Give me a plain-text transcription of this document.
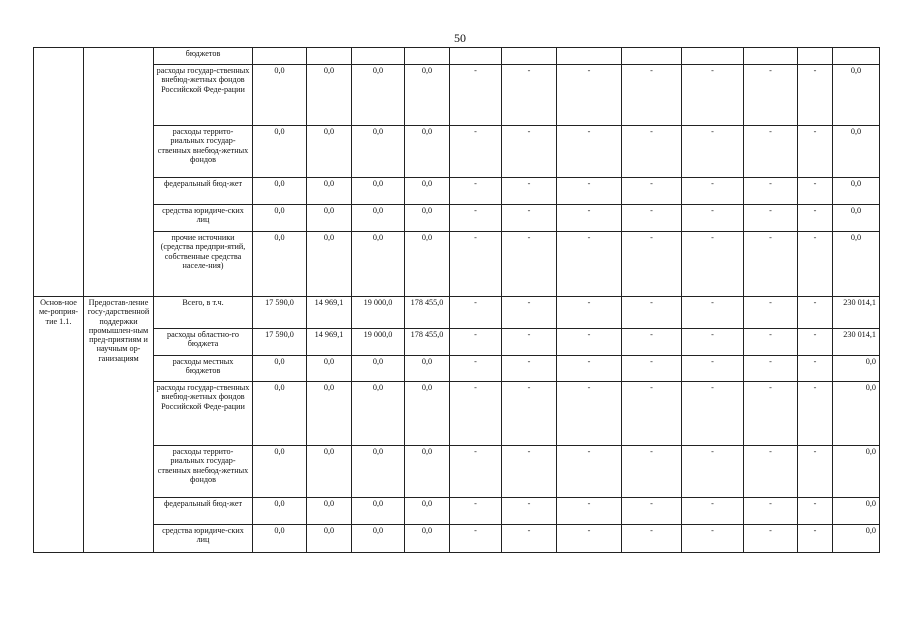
50
		бюджетов												
		расходы государ-ственных внебюд-жетных фондов Российской Феде-рации	0,0	0,0	0,0	0,0	-	-	-	-	-	-	-	0,0
		расходы террито-риальных государ-ственных внебюд-жетных фондов	0,0	0,0	0,0	0,0	-	-	-	-	-	-	-	0,0
		федеральный бюд-жет	0,0	0,0	0,0	0,0	-	-	-	-	-	-	-	0,0
		средства юридиче-ских лиц	0,0	0,0	0,0	0,0	-	-	-	-	-	-	-	0,0
		прочие источники (средства предпри-ятий, собственные средства населе-ния)	0,0	0,0	0,0	0,0	-	-	-	-	-	-	-	0,0
Основ-ное ме-роприя-тие 1.1.	Предостав-ление госу-дарственной поддержки промышлен-ным пред-приятиям и научным ор-ганизациям	Всего, в т.ч.	17 590,0	14 969,1	19 000,0	178 455,0	-	-	-	-	-	-	-	230 014,1
		расходы областно-го бюджета	17 590,0	14 969,1	19 000,0	178 455,0	-	-	-	-	-	-	-	230 014,1
		расходы местных бюджетов	0,0	0,0	0,0	0,0	-	-	-	-	-	-	-	0,0
		расходы государ-ственных внебюд-жетных фондов Российской Феде-рации	0,0	0,0	0,0	0,0	-	-	-	-	-	-	-	0,0
		расходы террито-риальных государ-ственных внебюд-жетных фондов	0,0	0,0	0,0	0,0	-	-	-	-	-	-	-	0,0
		федеральный бюд-жет	0,0	0,0	0,0	0,0	-	-	-	-	-	-	-	0,0
		средства юридиче-ских лиц	0,0	0,0	0,0	0,0	-	-	-	-	-	-	-	0,0
